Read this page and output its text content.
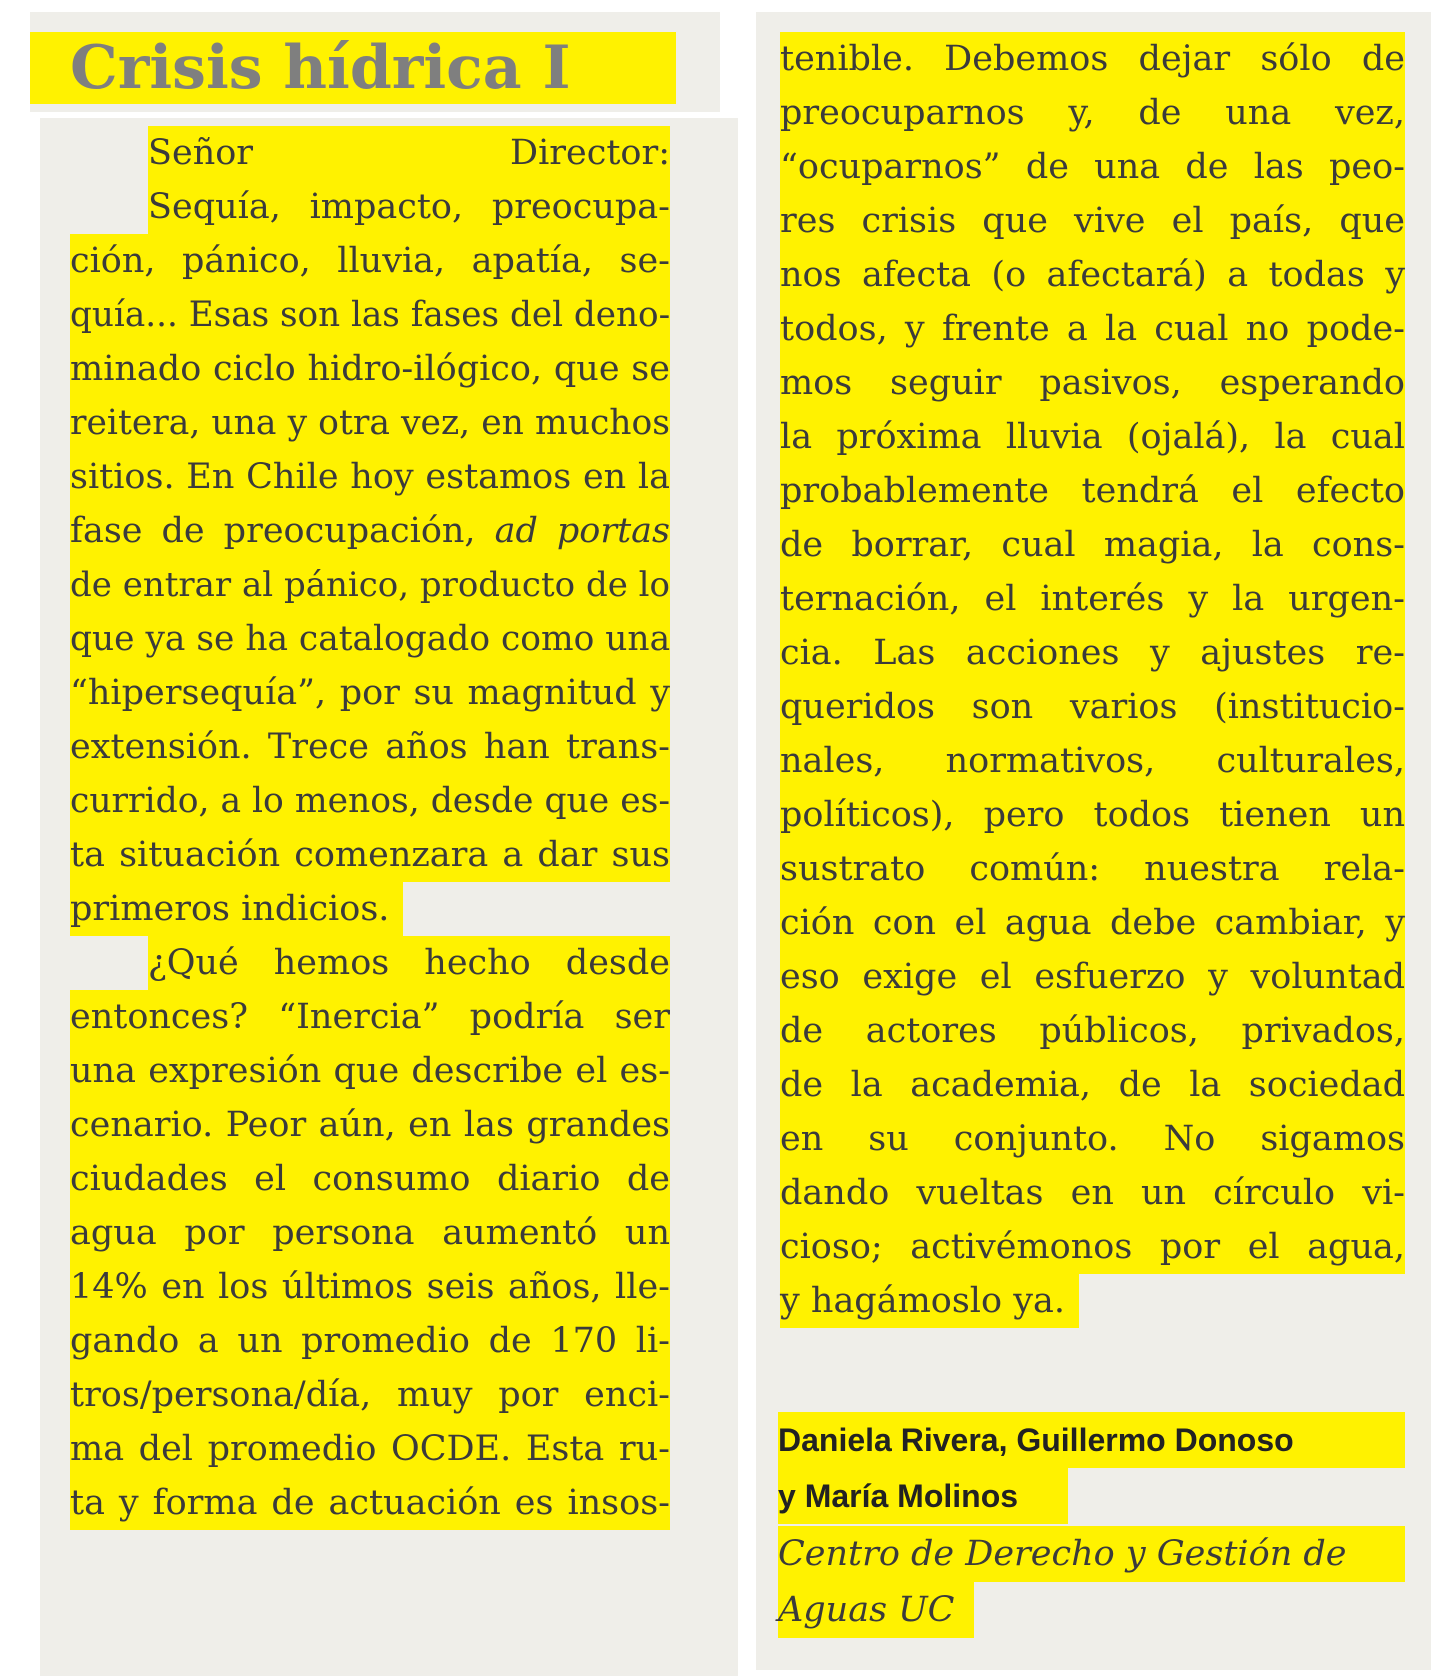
Crisis hídrica I
Señor Director:
Sequía, impacto, preocupa-
ción, pánico, lluvia, apatía, se-
quía... Esas son las fases del deno-
minado ciclo hidro-ilógico, que se
reitera, una y otra vez, en muchos
sitios. En Chile hoy estamos en la
fase de preocupación, ad portas
de entrar al pánico, producto de lo
que ya se ha catalogado como una
“hipersequía”, por su magnitud y
extensión. Trece años han trans-
currido, a lo menos, desde que es-
ta situación comenzara a dar sus
primeros indicios.
¿Qué hemos hecho desde
entonces? “Inercia” podría ser
una expresión que describe el es-
cenario. Peor aún, en las grandes
ciudades el consumo diario de
agua por persona aumentó un
14% en los últimos seis años, lle-
gando a un promedio de 170 li-
tros/persona/día, muy por enci-
ma del promedio OCDE. Esta ru-
ta y forma de actuación es insos-
tenible. Debemos dejar sólo de
preocuparnos y, de una vez,
“ocuparnos” de una de las peo-
res crisis que vive el país, que
nos afecta (o afectará) a todas y
todos, y frente a la cual no pode-
mos seguir pasivos, esperando
la próxima lluvia (ojalá), la cual
probablemente tendrá el efecto
de borrar, cual magia, la cons-
ternación, el interés y la urgen-
cia. Las acciones y ajustes re-
queridos son varios (institucio-
nales, normativos, culturales,
políticos), pero todos tienen un
sustrato común: nuestra rela-
ción con el agua debe cambiar, y
eso exige el esfuerzo y voluntad
de actores públicos, privados,
de la academia, de la sociedad
en su conjunto. No sigamos
dando vueltas en un círculo vi-
cioso; activémonos por el agua,
y hagámoslo ya.
Daniela Rivera, Guillermo Donoso
y María Molinos
Centro de Derecho y Gestión de
Aguas UC
